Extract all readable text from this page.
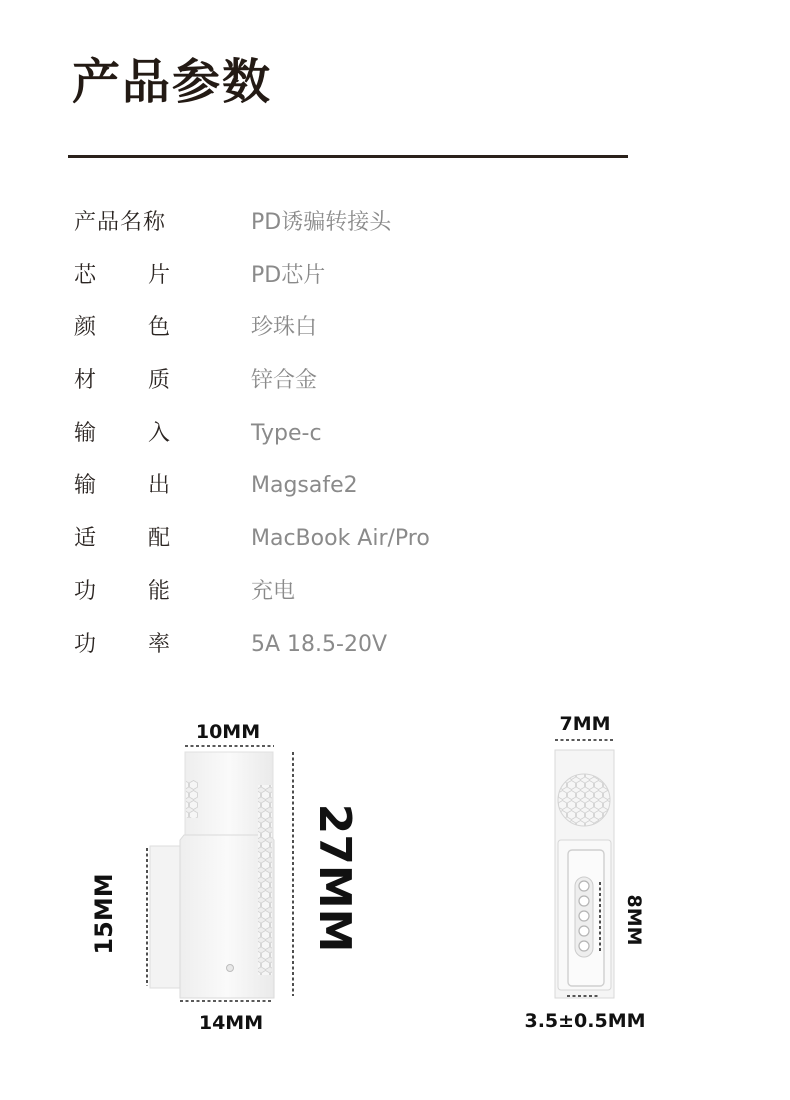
产品参数
产品名称	PD诱骗转接头
芯 片	PD芯片
颜 色	珍珠白
材 质	锌合金
输 入	Type-c
输 出	Magsafe2
适 配	MacBook Air/Pro
功 能	充电
功 率	5A 18.5-20V
10MM
14MM
15MM	27MM
7MM
8MM
3.5±0.5MM
